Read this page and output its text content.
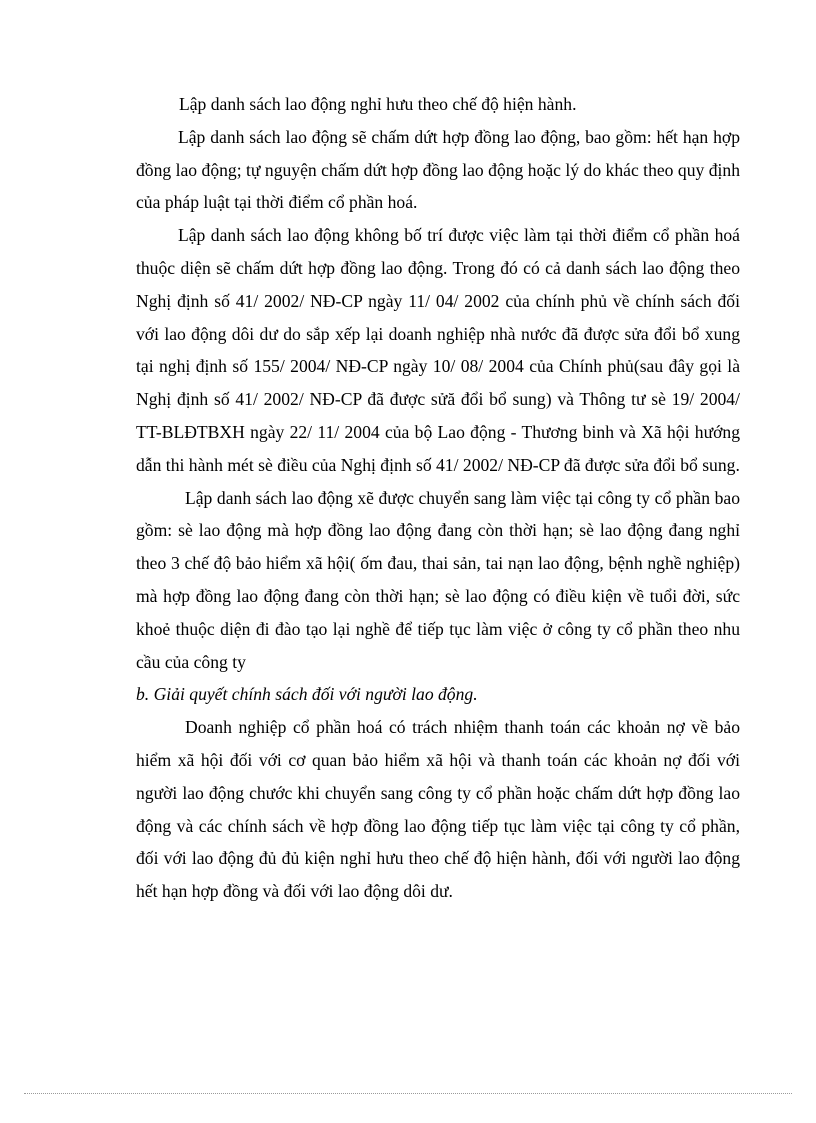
Lập danh sách lao động nghỉ hưu theo chế độ hiện hành.

Lập danh sách lao động sẽ chấm dứt hợp đồng lao động, bao gồm: hết hạn hợp đồng lao động; tự nguyện chấm dứt hợp đồng lao động hoặc lý do khác theo quy định của pháp luật tại thời điểm cổ phần hoá.

Lập danh sách lao động không bố trí được việc làm tại thời điểm cổ phần hoá thuộc diện sẽ chấm dứt hợp đồng lao động. Trong đó có cả danh sách lao động theo Nghị định số 41/ 2002/ NĐ-CP ngày 11/ 04/ 2002 của chính phủ về chính sách đối với lao động dôi dư do sắp xếp lại doanh nghiệp nhà nước đã được sửa đổi bổ xung tại nghị định số 155/ 2004/ NĐ-CP ngày 10/ 08/ 2004 của Chính phủ(sau đây gọi là Nghị định số 41/ 2002/ NĐ-CP đã được sửă đổi bổ sung) và Thông tư sè 19/ 2004/ TT-BLĐTBXH ngày 22/ 11/ 2004 của bộ Lao động - Thương binh và Xã hội hướng dẫn thi hành mét sè điều của Nghị định số 41/ 2002/ NĐ-CP đã được sửa đổi bổ sung.

Lập danh sách lao động xẽ được chuyển sang làm việc tại công ty cổ phần bao gồm: sè lao động mà hợp đồng lao động đang còn thời hạn; sè lao động đang nghỉ theo 3 chế độ bảo hiểm xã hội( ốm đau, thai sản, tai nạn lao động, bệnh nghề nghiệp) mà hợp đồng lao động đang còn thời hạn; sè lao động có điều kiện về tuổi đời, sức khoẻ thuộc diện đi đào tạo lại nghề để tiếp tục làm việc ở công ty cổ phần theo nhu cầu của công ty

b. Giải quyết chính sách đối với người lao động.

Doanh nghiệp cổ phần hoá có trách nhiệm thanh toán các khoản nợ về bảo hiểm xã hội đối với cơ quan bảo hiểm xã hội và thanh toán các khoản nợ đối với người lao động chước khi chuyển sang công ty cổ phần hoặc chấm dứt hợp đồng lao động và các chính sách về hợp đồng lao động tiếp tục làm việc tại công ty cổ phần, đối với lao động đủ đủ kiện nghỉ hưu theo chế độ hiện hành, đối với người lao động hết hạn hợp đồng và đối với lao động dôi dư.
